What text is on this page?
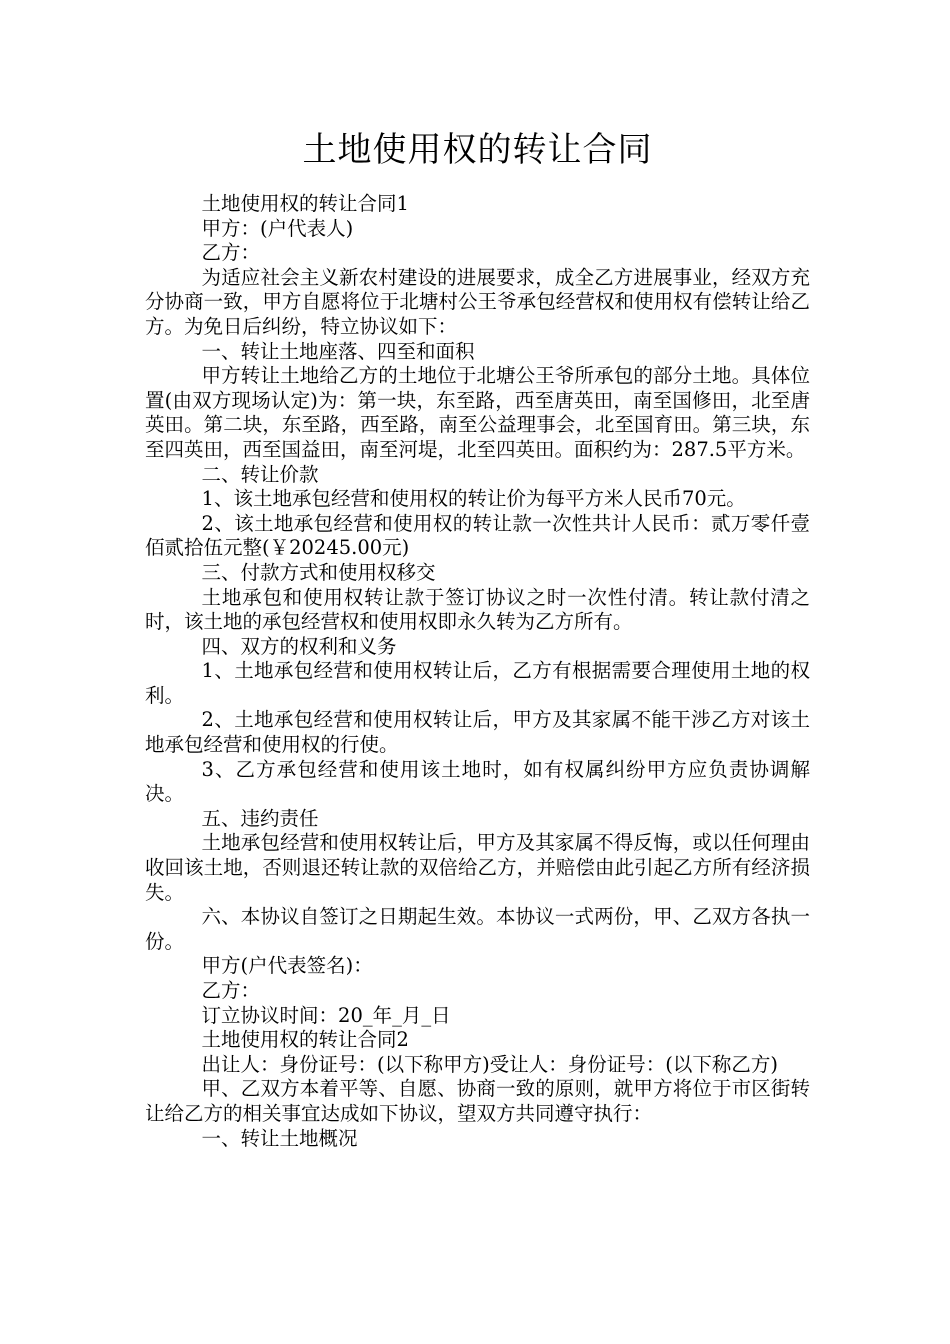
土地使用权的转让合同

土地使用权的转让合同1

甲方：(户代表人)

乙方：

为适应社会主义新农村建设的进展要求，成全乙方进展事业，经双方充分协商一致，甲方自愿将位于北塘村公王爷承包经营权和使用权有偿转让给乙方。为免日后纠纷，特立协议如下：

一、转让土地座落、四至和面积

甲方转让土地给乙方的土地位于北塘公王爷所承包的部分土地。具体位置(由双方现场认定)为：第一块，东至路，西至唐英田，南至国修田，北至唐英田。第二块，东至路，西至路，南至公益理事会，北至国育田。第三块，东至四英田，西至国益田，南至河堤，北至四英田。面积约为：287.5平方米。

二、转让价款

1、该土地承包经营和使用权的转让价为每平方米人民币70元。

2、该土地承包经营和使用权的转让款一次性共计人民币：贰万零仟壹佰贰拾伍元整(￥20245.00元)

三、付款方式和使用权移交

土地承包和使用权转让款于签订协议之时一次性付清。转让款付清之时，该土地的承包经营权和使用权即永久转为乙方所有。

四、双方的权利和义务

1、土地承包经营和使用权转让后，乙方有根据需要合理使用土地的权利。

2、土地承包经营和使用权转让后，甲方及其家属不能干涉乙方对该土地承包经营和使用权的行使。

3、乙方承包经营和使用该土地时，如有权属纠纷甲方应负责协调解决。

五、违约责任

土地承包经营和使用权转让后，甲方及其家属不得反悔，或以任何理由收回该土地，否则退还转让款的双倍给乙方，并赔偿由此引起乙方所有经济损失。

六、本协议自签订之日期起生效。本协议一式两份，甲、乙双方各执一份。

甲方(户代表签名)：

乙方：

订立协议时间：20_年_月_日

土地使用权的转让合同2

出让人：身份证号：(以下称甲方)受让人：身份证号：(以下称乙方)

甲、乙双方本着平等、自愿、协商一致的原则，就甲方将位于市区街转让给乙方的相关事宜达成如下协议，望双方共同遵守执行：

一、转让土地概况
